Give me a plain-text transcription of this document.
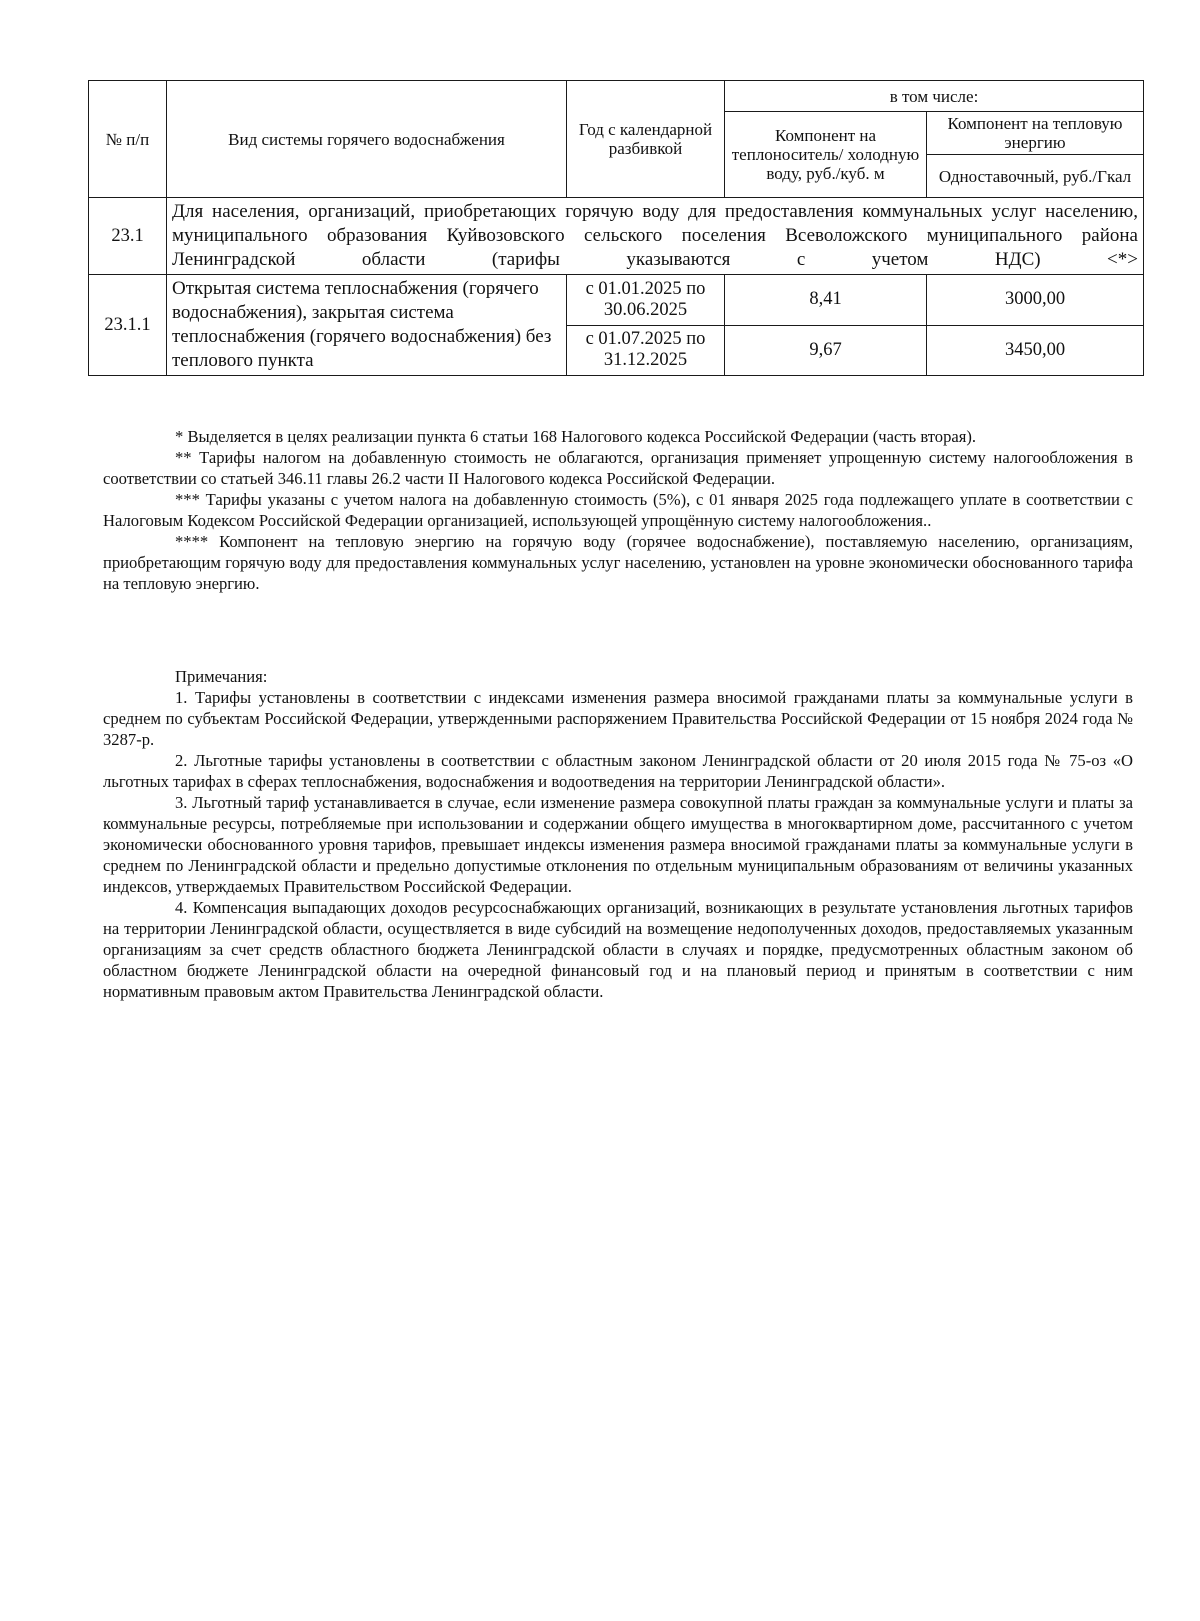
№ п/п	Вид системы горячего водоснабжения	Год с календарной разбивкой	в том числе:	
			Компонент на теплоноситель/ холодную воду, руб./куб. м	Компонент на тепловую энергию
				Одноставочный, руб./Гкал
23.1	Для населения, организаций, приобретающих горячую воду для предоставления коммунальных услуг населению, муниципального образования Куйвозовского сельского поселения Всеволожского муниципального района Ленинградской области (тарифы указываются с учетом НДС) <*>			
23.1.1	Открытая система теплоснабжения (горячего водоснабжения), закрытая система теплоснабжения (горячего водоснабжения) без теплового пункта	с 01.01.2025 по 30.06.2025	8,41	3000,00
		с 01.07.2025 по 31.12.2025	9,67	3450,00

* Выделяется в целях реализации пункта 6 статьи 168 Налогового кодекса Российской Федерации (часть вторая).

** Тарифы налогом на добавленную стоимость не облагаются, организация применяет упрощенную систему налогообложения в соответствии со статьей 346.11 главы 26.2 части II Налогового кодекса Российской Федерации.

*** Тарифы указаны с учетом налога на добавленную стоимость (5%), с 01 января 2025 года подлежащего уплате в соответствии с Налоговым Кодексом Российской Федерации организацией, использующей упрощённую систему налогообложения..

**** Компонент на тепловую энергию на горячую воду (горячее водоснабжение), поставляемую населению, организациям, приобретающим горячую воду для предоставления коммунальных услуг населению, установлен на уровне экономически обоснованного тарифа на тепловую энергию.

Примечания:

1. Тарифы установлены в соответствии с индексами изменения размера вносимой гражданами платы за коммунальные услуги в среднем по субъектам Российской Федерации, утвержденными распоряжением Правительства Российской Федерации от 15 ноября 2024 года № 3287-р.

2. Льготные тарифы установлены в соответствии с областным законом Ленинградской области от 20 июля 2015 года № 75-оз «О льготных тарифах в сферах теплоснабжения, водоснабжения и водоотведения на территории Ленинградской области».

3. Льготный тариф устанавливается в случае, если изменение размера совокупной платы граждан за коммунальные услуги и платы за коммунальные ресурсы, потребляемые при использовании и содержании общего имущества в многоквартирном доме, рассчитанного с учетом экономически обоснованного уровня тарифов, превышает индексы изменения размера вносимой гражданами платы за коммунальные услуги в среднем по Ленинградской области и предельно допустимые отклонения по отдельным муниципальным образованиям от величины указанных индексов, утверждаемых Правительством Российской Федерации.

4. Компенсация выпадающих доходов ресурсоснабжающих организаций, возникающих в результате установления льготных тарифов на территории Ленинградской области, осуществляется в виде субсидий на возмещение недополученных доходов, предоставляемых указанным организациям за счет средств областного бюджета Ленинградской области в случаях и порядке, предусмотренных областным законом об областном бюджете Ленинградской области на очередной финансовый год и на плановый период и принятым в соответствии с ним нормативным правовым актом Правительства Ленинградской области.
